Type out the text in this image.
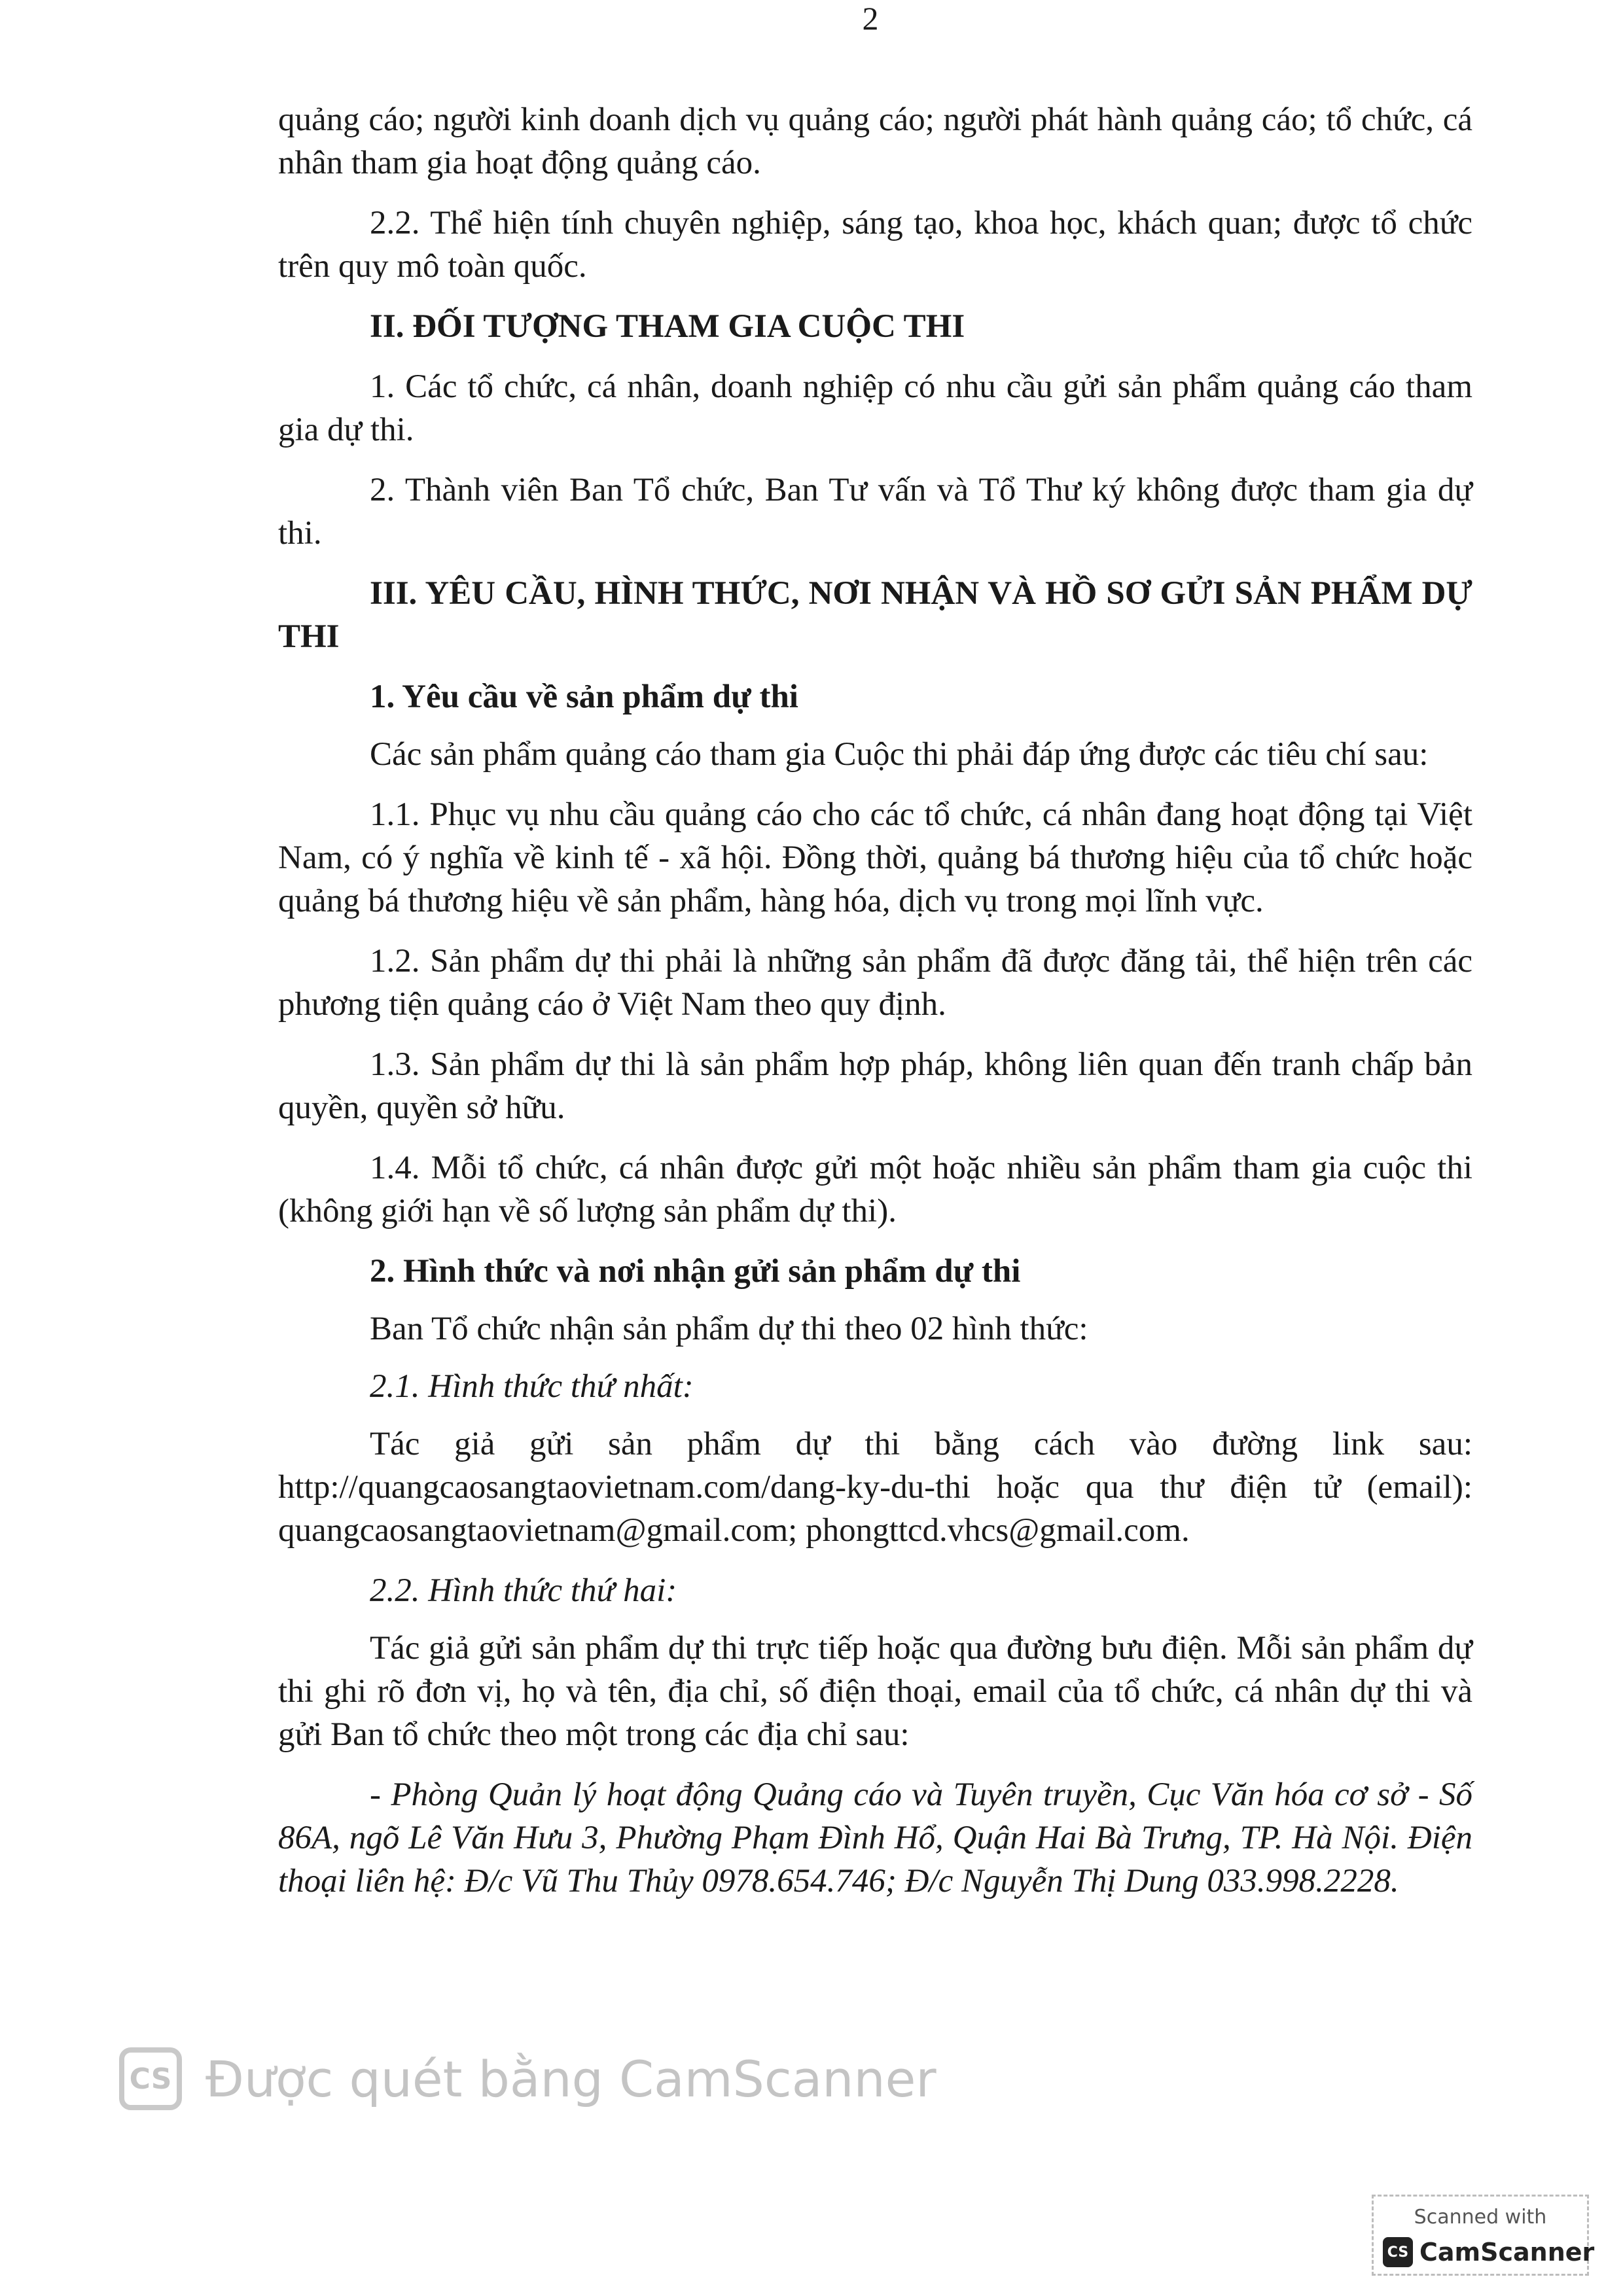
2

quảng cáo; người kinh doanh dịch vụ quảng cáo; người phát hành quảng cáo; tổ chức, cá nhân tham gia hoạt động quảng cáo.

2.2. Thể hiện tính chuyên nghiệp, sáng tạo, khoa học, khách quan; được tổ chức trên quy mô toàn quốc.

II. ĐỐI TƯỢNG THAM GIA CUỘC THI

1. Các tổ chức, cá nhân, doanh nghiệp có nhu cầu gửi sản phẩm quảng cáo tham gia dự thi.

2. Thành viên Ban Tổ chức, Ban Tư vấn và Tổ Thư ký không được tham gia dự thi.

III. YÊU CẦU, HÌNH THỨC, NƠI NHẬN VÀ HỒ SƠ GỬI SẢN PHẨM DỰ THI

1. Yêu cầu về sản phẩm dự thi

Các sản phẩm quảng cáo tham gia Cuộc thi phải đáp ứng được các tiêu chí sau:

1.1. Phục vụ nhu cầu quảng cáo cho các tổ chức, cá nhân đang hoạt động tại Việt Nam, có ý nghĩa về kinh tế - xã hội. Đồng thời, quảng bá thương hiệu của tổ chức hoặc quảng bá thương hiệu về sản phẩm, hàng hóa, dịch vụ trong mọi lĩnh vực.

1.2. Sản phẩm dự thi phải là những sản phẩm đã được đăng tải, thể hiện trên các phương tiện quảng cáo ở Việt Nam theo quy định.

1.3. Sản phẩm dự thi là sản phẩm hợp pháp, không liên quan đến tranh chấp bản quyền, quyền sở hữu.

1.4. Mỗi tổ chức, cá nhân được gửi một hoặc nhiều sản phẩm tham gia cuộc thi (không giới hạn về số lượng sản phẩm dự thi).

2. Hình thức và nơi nhận gửi sản phẩm dự thi

Ban Tổ chức nhận sản phẩm dự thi theo 02 hình thức:

2.1. Hình thức thứ nhất:

Tác giả gửi sản phẩm dự thi bằng cách vào đường link sau: http://quangcaosangtaovietnam.com/dang-ky-du-thi hoặc qua thư điện tử (email): quangcaosangtaovietnam@gmail.com; phongttcd.vhcs@gmail.com.

2.2. Hình thức thứ hai:

Tác giả gửi sản phẩm dự thi trực tiếp hoặc qua đường bưu điện. Mỗi sản phẩm dự thi ghi rõ đơn vị, họ và tên, địa chỉ, số điện thoại, email của tổ chức, cá nhân dự thi và gửi Ban tổ chức theo một trong các địa chỉ sau:

- Phòng Quản lý hoạt động Quảng cáo và Tuyên truyền, Cục Văn hóa cơ sở - Số 86A, ngõ Lê Văn Hưu 3, Phường Phạm Đình Hổ, Quận Hai Bà Trưng, TP. Hà Nội. Điện thoại liên hệ: Đ/c Vũ Thu Thủy 0978.654.746; Đ/c Nguyễn Thị Dung 033.998.2228.

CS Được quét bằng CamScanner
Scanned with
CS CamScanner
